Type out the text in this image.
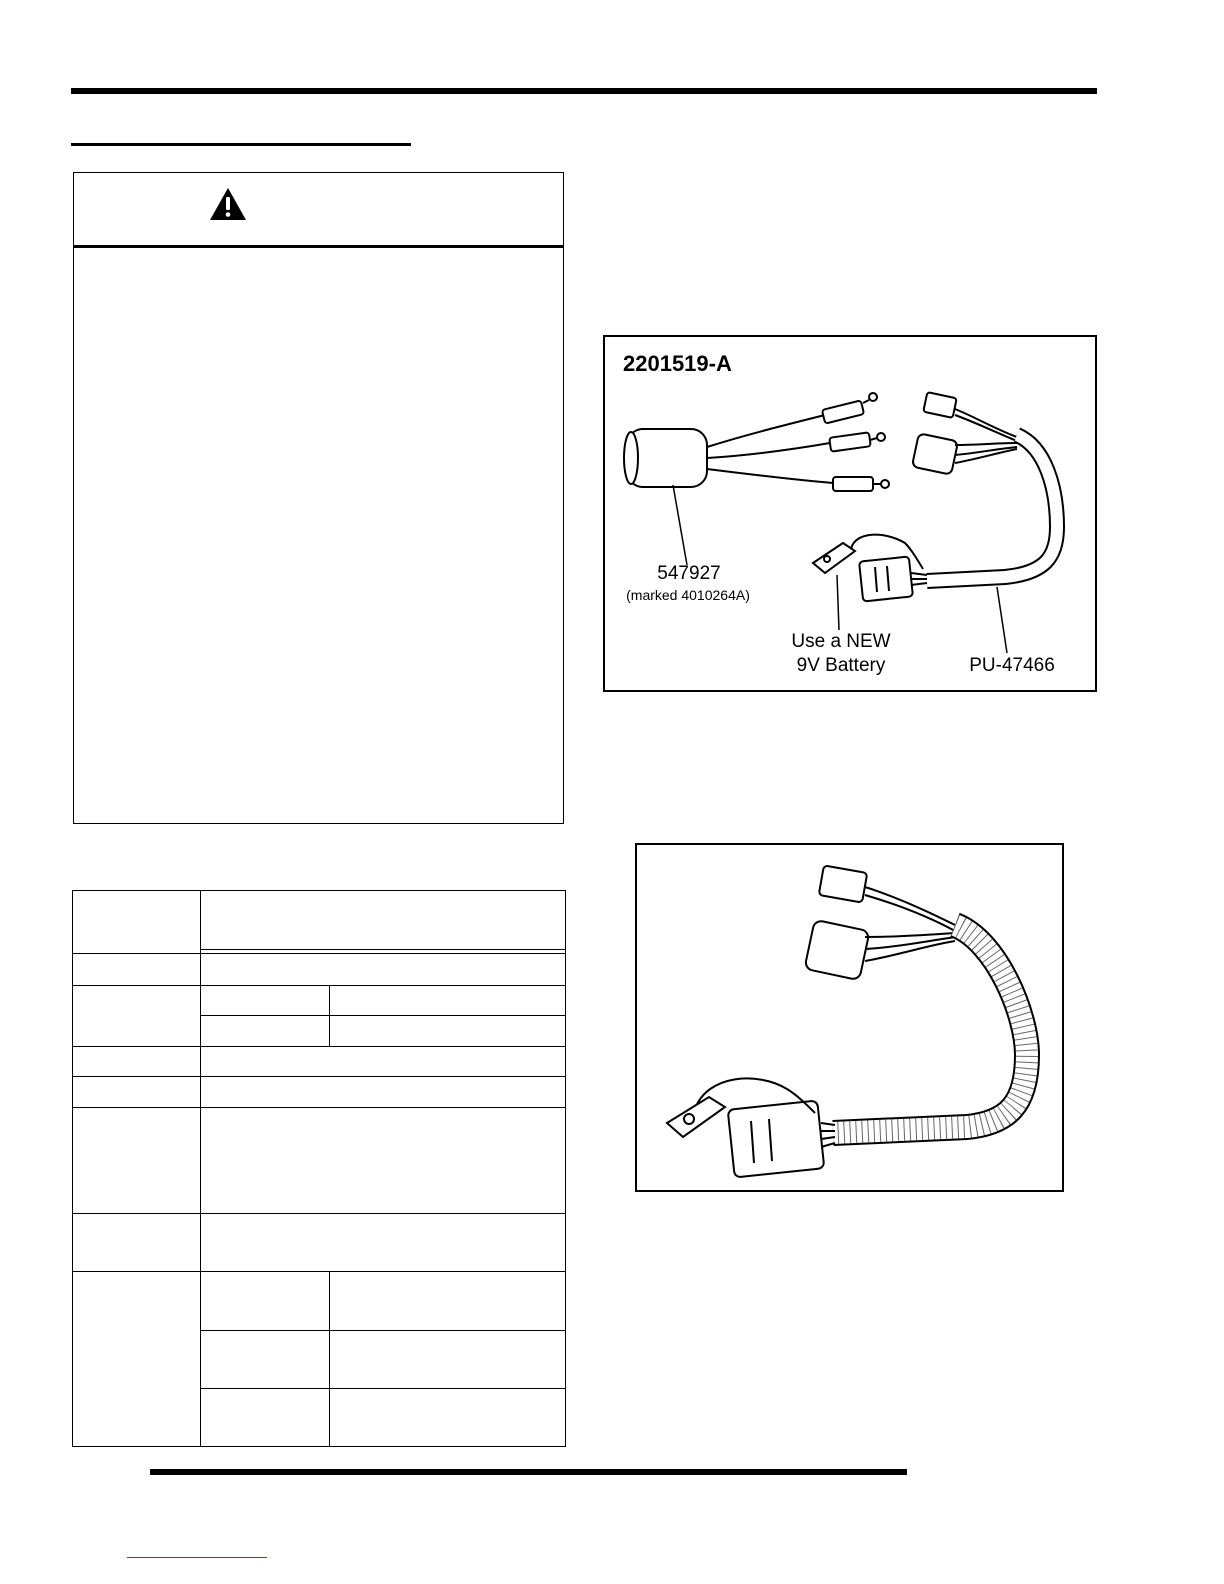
2201519-A
547927
(marked 4010264A)
Use a NEW
9V Battery	PU-47466
